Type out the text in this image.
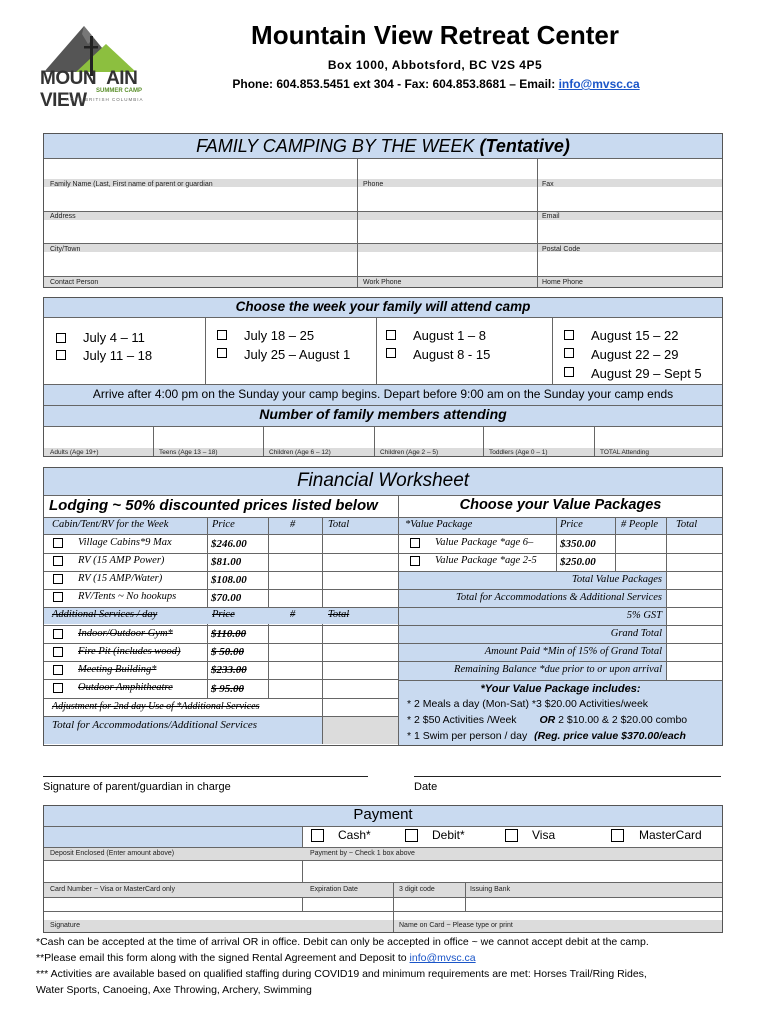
MOUN AIN VIEW	SUMMER CAMP
HOPE BRITISH COLUMBIA
Mountain View Retreat Center
Box 1000, Abbotsford, BC V2S 4P5
Phone: 604.853.5451 ext 304 - Fax: 604.853.8681 – Email: info@mvsc.ca
FAMILY CAMPING BY THE WEEK (Tentative)
Family Name (Last, First name of parent or guardian	Phone	Fax
Address	Email
City/Town	Postal Code
Contact Person	Work Phone	Home Phone
Choose the week your family will attend camp
July 4 – 11
July 11 – 18
July 18 – 25
July 25 – August 1
August 1 – 8
August 8 - 15
August 15 – 22
August 22 – 29
August 29 – Sept 5
Arrive after 4:00 pm on the Sunday your camp begins. Depart before 9:00 am on the Sunday your camp ends
Number of family members attending
Adults (Age 19+)	Teens (Age 13 – 18)	Children (Age 6 – 12)	Children (Age 2 – 5)	Toddlers (Age 0 – 1)	TOTAL Attending
Financial Worksheet
Lodging ~ 50% discounted prices listed below
Cabin/Tent/RV for the Week	Price	#	Total
Village Cabins*9 Max	$246.00
RV (15 AMP Power)	$81.00
RV (15 AMP/Water)	$108.00
RV/Tents ~ No hookups	$70.00
Additional Services / day	Price	#	Total
Indoor/Outdoor Gym*	$110.00
Fire Pit (includes wood)	$ 50.00
Meeting Building*	$233.00
Outdoor Amphitheatre	$ 95.00
Adjustment for 2nd day Use of *Additional Services
Total for Accommodations/Additional Services
Choose your Value Packages
*Value Package	Price	# People Total
Value Package *age 6– $350.00
Value Package *age 2-5 $250.00
Total Value Packages
Total for Accommodations & Additional Services
5% GST
Grand Total
Amount Paid *Min of 15% of Grand Total
Remaining Balance *due prior to or upon arrival
*Your Value Package includes:
* 2 Meals a day (Mon-Sat) *3 $20.00 Activities/week
* 2 $50 Activities /Week OR 2 $10.00 & 2 $20.00 combo
* 1 Swim per person / day (Reg. price value $370.00/each
Signature of parent/guardian in charge	Date
Payment
Cash*	Debit*	Visa	MasterCard
Deposit Enclosed (Enter amount above)	Payment by ~ Check 1 box above
Card Number ~ Visa or MasterCard only	Expiration Date	3 digit code	Issuing Bank
Signature	Name on Card ~ Please type or print
*Cash can be accepted at the time of arrival OR in office. Debit can only be accepted in office ~ we cannot accept debit at the camp.
**Please email this form along with the signed Rental Agreement and Deposit to info@mvsc.ca
*** Activities are available based on qualified staffing during COVID19 and minimum requirements are met: Horses Trail/Ring Rides,
Water Sports, Canoeing, Axe Throwing, Archery, Swimming
